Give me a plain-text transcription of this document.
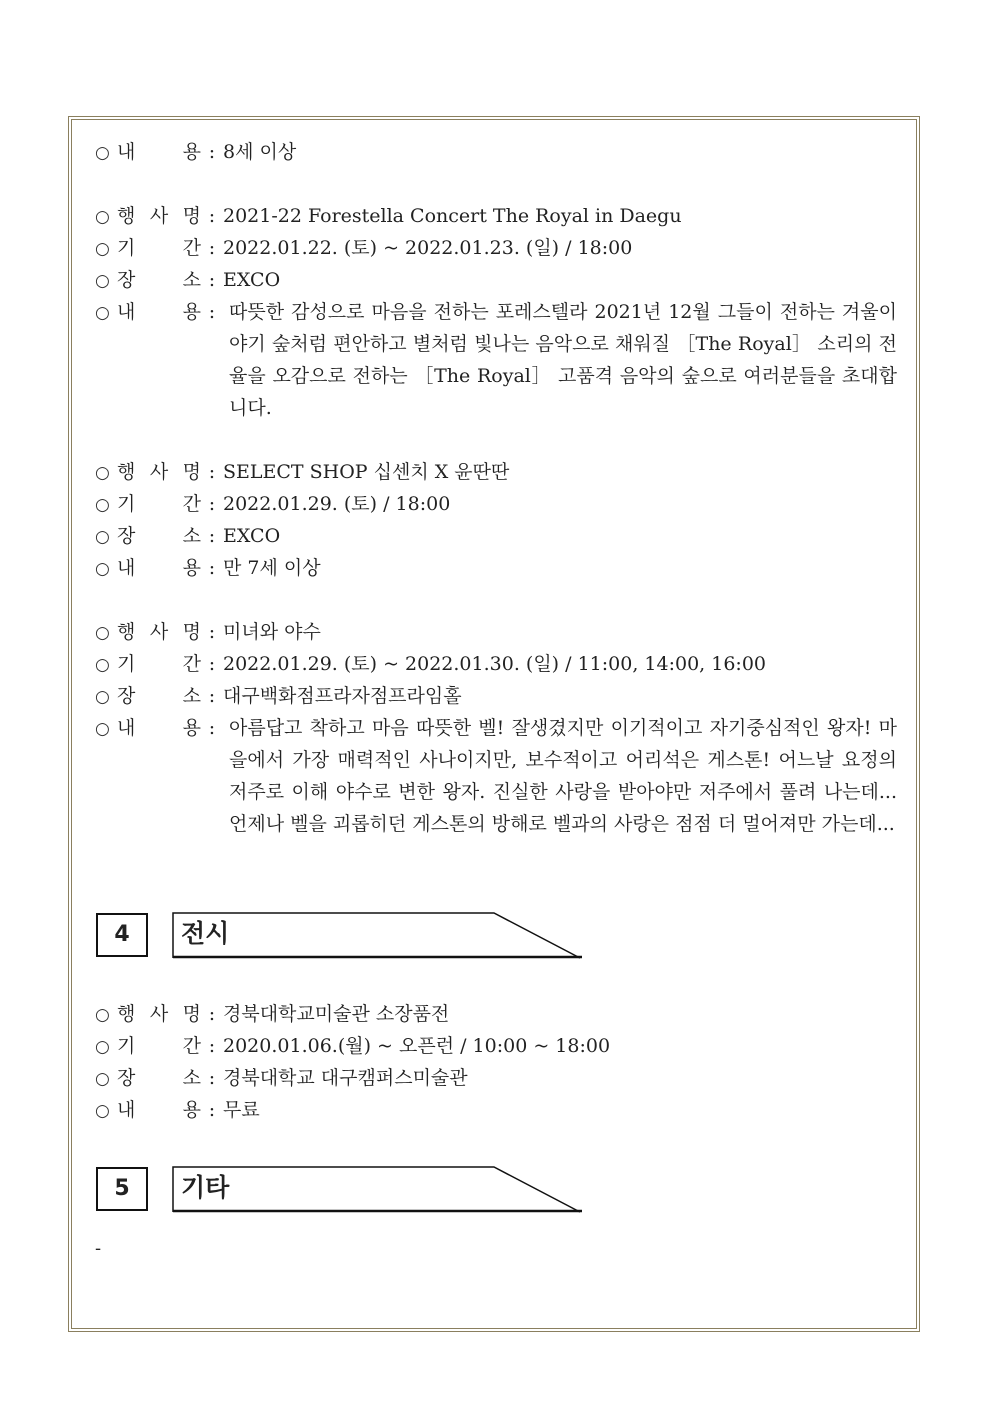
○ 내 용 : 8세 이상
○ 행 사 명 : 2021-22 Forestella Concert The Royal in Daegu
○ 기 간 : 2022.01.22. (토) ~ 2022.01.23. (일) / 18:00
○ 장 소 : EXCO
○ 내 용 : 따뜻한 감성으로 마음을 전하는 포레스텔라 2021년 12월 그들이 전하는 겨울이야기 숲처럼 편안하고 별처럼 빛나는 음악으로 채워질 ［The Royal］ 소리의 전율을 오감으로 전하는 ［The Royal］ 고품격 음악의 숲으로 여러분들을 초대합니다.
○ 행 사 명 : SELECT SHOP 십센치 X 윤딴딴
○ 기 간 : 2022.01.29. (토) / 18:00
○ 장 소 : EXCO
○ 내 용 : 만 7세 이상
○ 행 사 명 : 미녀와 야수
○ 기 간 : 2022.01.29. (토) ~ 2022.01.30. (일) / 11:00, 14:00, 16:00
○ 장 소 : 대구백화점프라자점프라임홀
○ 내 용 : 아름답고 착하고 마음 따뜻한 벨! 잘생겼지만 이기적이고 자기중심적인 왕자! 마을에서 가장 매력적인 사나이지만, 보수적이고 어리석은 게스톤! 어느날 요정의 저주로 이해 야수로 변한 왕자. 진실한 사랑을 받아야만 저주에서 풀려 나는데... 언제나 벨을 괴롭히던 게스톤의 방해로 벨과의 사랑은 점점 더 멀어져만 가는데...
4	전시
○ 행 사 명 : 경북대학교미술관 소장품전
○ 기 간 : 2020.01.06.(월) ~ 오픈런 / 10:00 ~ 18:00
○ 장 소 : 경북대학교 대구캠퍼스미술관
○ 내 용 : 무료
5	기타
-
